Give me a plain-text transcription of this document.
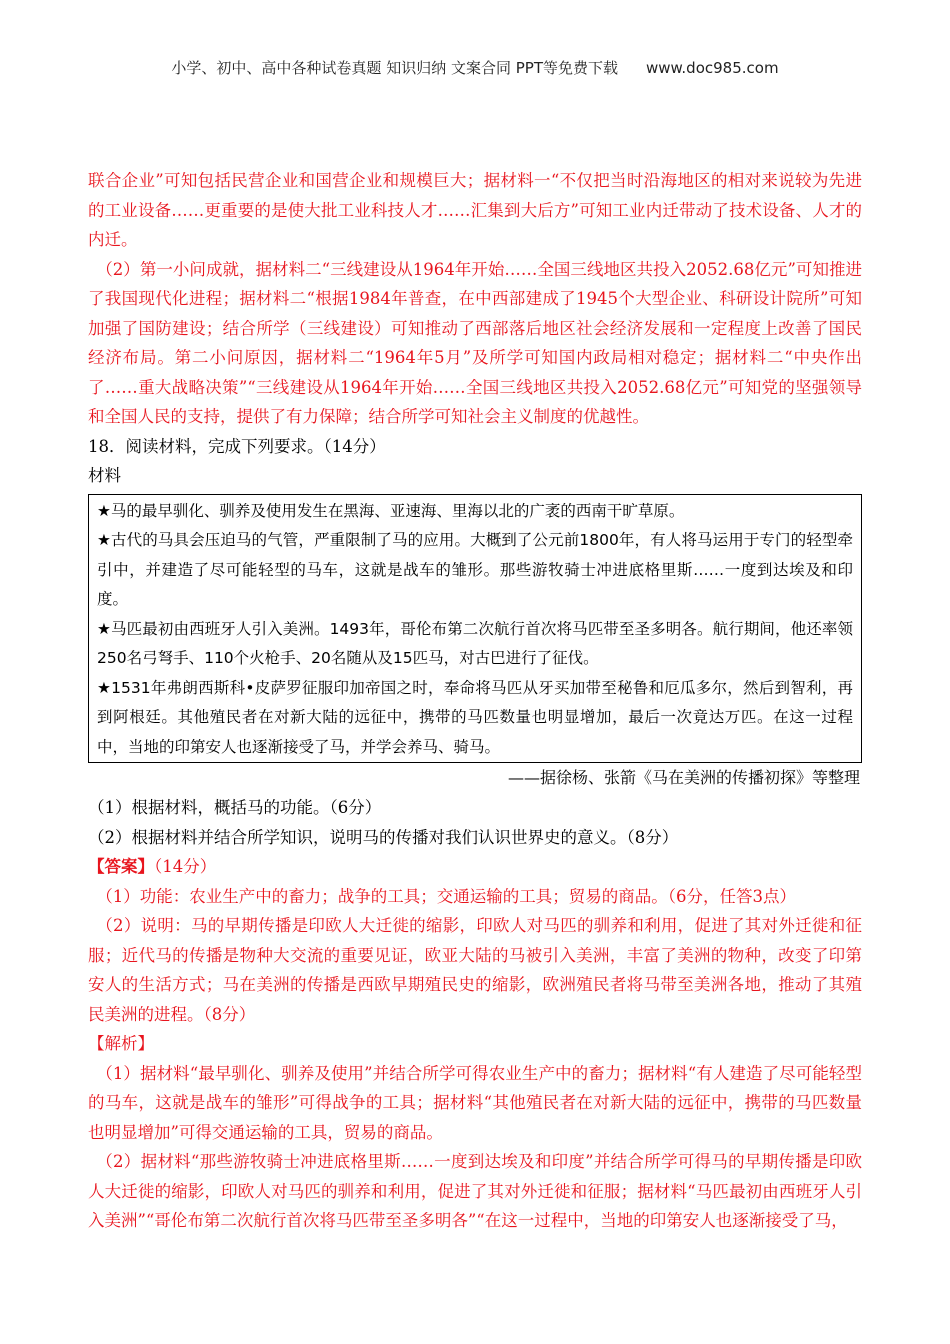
小学、初中、高中各种试卷真题 知识归纳 文案合同 PPT等免费下载 www.doc985.com

联合企业”可知包括民营企业和国营企业和规模巨大；据材料一“不仅把当时沿海地区的相对来说较为先进的工业设备……更重要的是使大批工业科技人才……汇集到大后方”可知工业内迁带动了技术设备、人才的内迁。

（2）第一小问成就，据材料二“三线建设从1964年开始……全国三线地区共投入2052.68亿元”可知推进了我国现代化进程；据材料二“根据1984年普查，在中西部建成了1945个大型企业、科研设计院所”可知加强了国防建设；结合所学（三线建设）可知推动了西部落后地区社会经济发展和一定程度上改善了国民经济布局。第二小问原因，据材料二“1964年5月”及所学可知国内政局相对稳定；据材料二“中央作出了……重大战略决策”“三线建设从1964年开始……全国三线地区共投入2052.68亿元”可知党的坚强领导和全国人民的支持，提供了有力保障；结合所学可知社会主义制度的优越性。

18．阅读材料，完成下列要求。（14分）

材料

★马的最早驯化、驯养及使用发生在黑海、亚速海、里海以北的广袤的西南干旷草原。

★古代的马具会压迫马的气管，严重限制了马的应用。大概到了公元前1800年，有人将马运用于专门的轻型牵引中，并建造了尽可能轻型的马车，这就是战车的雏形。那些游牧骑士冲进底格里斯……一度到达埃及和印度。

★马匹最初由西班牙人引入美洲。1493年，哥伦布第二次航行首次将马匹带至圣多明各。航行期间，他还率领250名弓弩手、110个火枪手、20名随从及15匹马，对古巴进行了征伐。

★1531年弗朗西斯科•皮萨罗征服印加帝国之时，奉命将马匹从牙买加带至秘鲁和厄瓜多尔，然后到智利，再到阿根廷。其他殖民者在对新大陆的远征中，携带的马匹数量也明显增加，最后一次竟达万匹。在这一过程中，当地的印第安人也逐渐接受了马，并学会养马、骑马。

——据徐杨、张箭《马在美洲的传播初探》等整理

（1）根据材料，概括马的功能。（6分）

（2）根据材料并结合所学知识，说明马的传播对我们认识世界史的意义。（8分）

【答案】（14分）

（1）功能：农业生产中的畜力；战争的工具；交通运输的工具；贸易的商品。（6分，任答3点）

（2）说明：马的早期传播是印欧人大迁徙的缩影，印欧人对马匹的驯养和利用，促进了其对外迁徙和征服；近代马的传播是物种大交流的重要见证，欧亚大陆的马被引入美洲，丰富了美洲的物种，改变了印第安人的生活方式；马在美洲的传播是西欧早期殖民史的缩影，欧洲殖民者将马带至美洲各地，推动了其殖民美洲的进程。（8分）

【解析】

（1）据材料“最早驯化、驯养及使用”并结合所学可得农业生产中的畜力；据材料“有人建造了尽可能轻型的马车，这就是战车的雏形”可得战争的工具；据材料“其他殖民者在对新大陆的远征中，携带的马匹数量也明显增加”可得交通运输的工具，贸易的商品。

（2）据材料“那些游牧骑士冲进底格里斯……一度到达埃及和印度”并结合所学可得马的早期传播是印欧人大迁徙的缩影，印欧人对马匹的驯养和利用，促进了其对外迁徙和征服；据材料“马匹最初由西班牙人引入美洲”“哥伦布第二次航行首次将马匹带至圣多明各”“在这一过程中，当地的印第安人也逐渐接受了马，
